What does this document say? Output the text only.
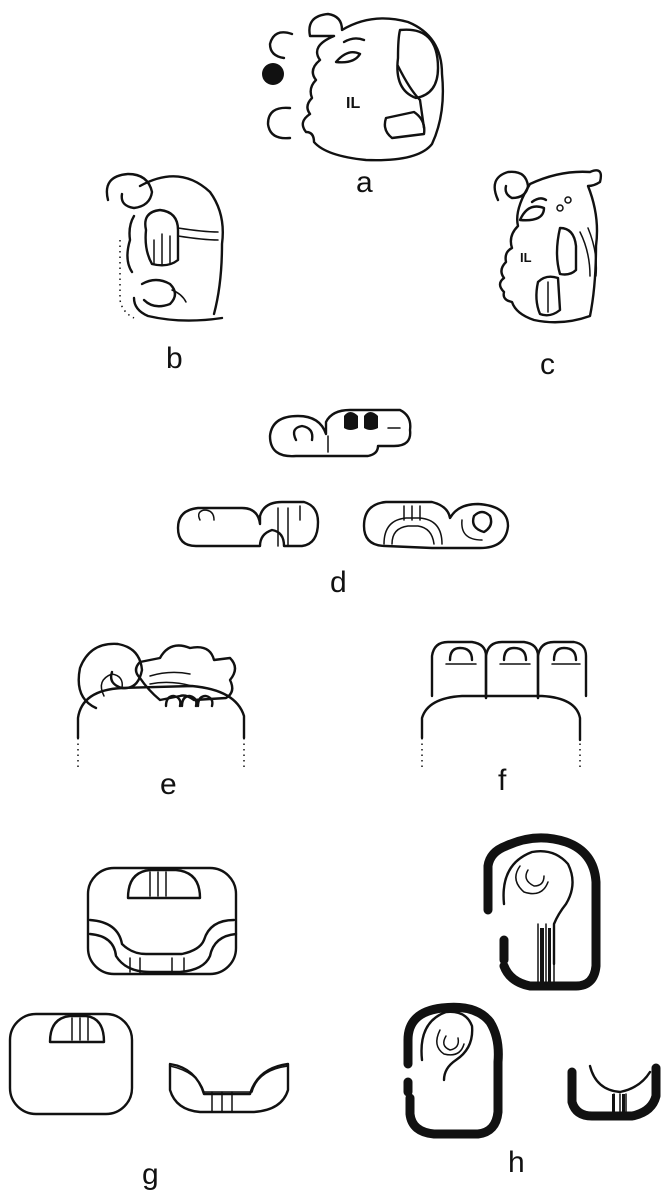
IL
IL
a
b	c
d
e	f
g	h
